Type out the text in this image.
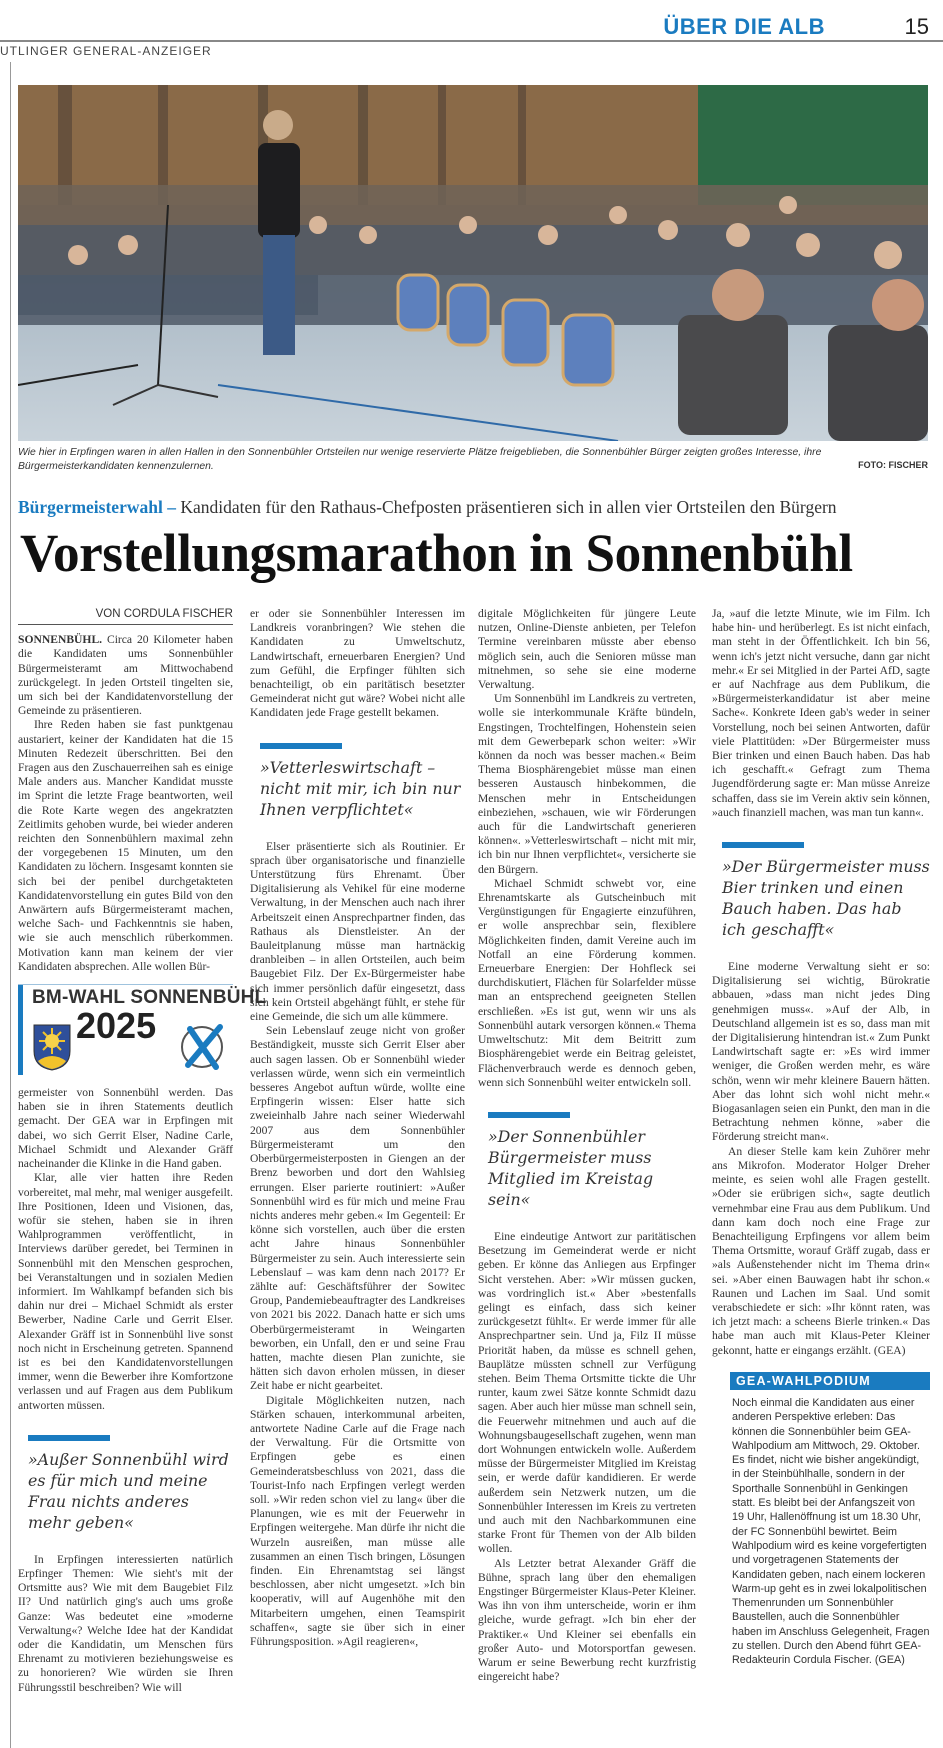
ÜBER DIE ALB	15
UTLINGER GENERAL-ANZEIGER

Wie hier in Erpfingen waren in allen Hallen in den Sonnenbühler Ortsteilen nur wenige reservierte Plätze freigeblieben, die Sonnenbühler Bürger zeigten großes Interesse, ihre Bürgermeisterkandidaten kennenzulernen.	FOTO: FISCHER
Bürgermeisterwahl – Kandidaten für den Rathaus-Chefposten präsentieren sich in allen vier Ortsteilen den Bürgern
Vorstellungsmarathon in Sonnenbühl
VON CORDULA FISCHER

SONNENBÜHL. Circa 20 Kilometer haben die Kandidaten ums Sonnenbühler Bürgermeisteramt am Mittwochabend zurückgelegt. In jeden Ortsteil tingelten sie, um sich bei der Kandidatenvorstellung der Gemeinde zu präsentieren.

Ihre Reden haben sie fast punktgenau austariert, keiner der Kandidaten hat die 15 Minuten Redezeit überschritten. Bei den Fragen aus den Zuschauerreihen sah es einige Male anders aus. Mancher Kandidat musste im Sprint die letzte Frage beantworten, weil die Rote Karte wegen des angekratzten Zeitlimits gehoben wurde, bei wieder anderen reichten den Sonnenbühlern maximal zehn der vorgegebenen 15 Minuten, um den Kandidaten zu löchern. Insgesamt konnten sie sich bei der penibel durchgetakteten Kandidatenvorstellung ein gutes Bild von den Anwärtern aufs Bürgermeisteramt machen, welche Sach- und Fachkenntnis sie haben, wie sie auch menschlich rüberkommen. Motivation kann man keinem der vier Kandidaten absprechen. Alle wollen Bür-

BM-WAHL SONNENBÜHL
2025

germeister von Sonnenbühl werden. Das haben sie in ihren Statements deutlich gemacht. Der GEA war in Erpfingen mit dabei, wo sich Gerrit Elser, Nadine Carle, Michael Schmidt und Alexander Gräff nacheinander die Klinke in die Hand gaben.

Klar, alle vier hatten ihre Reden vorbereitet, mal mehr, mal weniger ausgefeilt. Ihre Positionen, Ideen und Visionen, das, wofür sie stehen, haben sie in ihren Wahlprogrammen veröffentlicht, in Interviews darüber geredet, bei Terminen in Sonnenbühl mit den Menschen gesprochen, bei Veranstaltungen und in sozialen Medien informiert. Im Wahlkampf befanden sich bis dahin nur drei – Michael Schmidt als erster Bewerber, Nadine Carle und Gerrit Elser. Alexander Gräff ist in Sonnenbühl live sonst noch nicht in Erscheinung getreten. Spannend ist es bei den Kandidatenvorstellungen immer, wenn die Bewerber ihre Komfortzone verlassen und auf Fragen aus dem Publikum antworten müssen.

»Außer Sonnenbühl wird es für mich und meine Frau nichts anderes mehr geben«

In Erpfingen interessierten natürlich Erpfinger Themen: Wie sieht's mit der Ortsmitte aus? Wie mit dem Baugebiet Filz II? Und natürlich ging's auch ums große Ganze: Was bedeutet eine »moderne Verwaltung«? Welche Idee hat der Kandidat oder die Kandidatin, um Menschen fürs Ehrenamt zu motivieren beziehungsweise es zu honorieren? Wie würden sie Ihren Führungsstil beschreiben? Wie will

er oder sie Sonnenbühler Interessen im Landkreis voranbringen? Wie stehen die Kandidaten zu Umweltschutz, Landwirtschaft, erneuerbaren Energien? Und zum Gefühl, die Erpfinger fühlten sich benachteiligt, ob ein paritätisch besetzter Gemeinderat nicht gut wäre? Wobei nicht alle Kandidaten jede Frage gestellt bekamen.

»Vetterleswirtschaft – nicht mit mir, ich bin nur Ihnen verpflichtet«

Elser präsentierte sich als Routinier. Er sprach über organisatorische und finanzielle Unterstützung fürs Ehrenamt. Über Digitalisierung als Vehikel für eine moderne Verwaltung, in der Menschen auch nach ihrer Arbeitszeit einen Ansprechpartner finden, das Rathaus als Dienstleister. An der Bauleitplanung müsse man hartnäckig dranbleiben – in allen Ortsteilen, auch beim Baugebiet Filz. Der Ex-Bürgermeister habe sich immer persönlich dafür eingesetzt, dass sich kein Ortsteil abgehängt fühlt, er stehe für eine Gemeinde, die sich um alle kümmere.

Sein Lebenslauf zeuge nicht von großer Beständigkeit, musste sich Gerrit Elser aber auch sagen lassen. Ob er Sonnenbühl wieder verlassen würde, wenn sich ein vermeintlich besseres Angebot auftun würde, wollte eine Erpfingerin wissen: Elser hatte sich zweieinhalb Jahre nach seiner Wiederwahl 2007 aus dem Sonnenbühler Bürgermeisteramt um den Oberbürgermeisterposten in Giengen an der Brenz beworben und dort den Wahlsieg errungen. Elser parierte routiniert: »Außer Sonnenbühl wird es für mich und meine Frau nichts anderes mehr geben.« Im Gegenteil: Er könne sich vorstellen, auch über die ersten acht Jahre hinaus Sonnenbühler Bürgermeister zu sein. Auch interessierte sein Lebenslauf – was kam denn nach 2017? Er zählte auf: Geschäftsführer der Sowitec Group, Pandemiebeauftragter des Landkreises von 2021 bis 2022. Danach hatte er sich ums Oberbürgermeisteramt in Weingarten beworben, ein Unfall, den er und seine Frau hatten, machte diesen Plan zunichte, sie hätten sich davon erholen müssen, in dieser Zeit habe er nicht gearbeitet.

Digitale Möglichkeiten nutzen, nach Stärken schauen, interkommunal arbeiten, antwortete Nadine Carle auf die Frage nach der Verwaltung. Für die Ortsmitte von Erpfingen gebe es einen Gemeinderatsbeschluss von 2021, dass die Tourist-Info nach Erpfingen verlegt werden soll. »Wir reden schon viel zu lang« über die Planungen, wie es mit der Feuerwehr in Erpfingen weitergehe. Man dürfe ihr nicht die Wurzeln ausreißen, man müsse alle zusammen an einen Tisch bringen, Lösungen finden. Ein Ehrenamtstag sei längst beschlossen, aber nicht umgesetzt. »Ich bin kooperativ, will auf Augenhöhe mit den Mitarbeitern umgehen, einen Teamspirit schaffen«, sagte sie über sich in einer Führungsposition. »Agil reagieren«,

digitale Möglichkeiten für jüngere Leute nutzen, Online-Dienste anbieten, per Telefon Termine vereinbaren müsste aber ebenso möglich sein, auch die Senioren müsse man mitnehmen, so sehe sie eine moderne Verwaltung.

Um Sonnenbühl im Landkreis zu vertreten, wolle sie interkommunale Kräfte bündeln, Engstingen, Trochtelfingen, Hohenstein seien mit dem Gewerbepark schon weiter: »Wir können da noch was besser machen.« Beim Thema Biosphärengebiet müsse man einen besseren Austausch hinbekommen, die Menschen mehr in Entscheidungen einbeziehen, »schauen, wie wir Förderungen auch für die Landwirtschaft generieren können«. »Vetterleswirtschaft – nicht mit mir, ich bin nur Ihnen verpflichtet«, versicherte sie den Bürgern.

Michael Schmidt schwebt vor, eine Ehrenamtskarte als Gutscheinbuch mit Vergünstigungen für Engagierte einzuführen, er wolle ansprechbar sein, flexiblere Möglichkeiten finden, damit Vereine auch im Notfall an eine Förderung kommen. Erneuerbare Energien: Der Hohfleck sei durchdiskutiert, Flächen für Solarfelder müsse man an entsprechend geeigneten Stellen erschließen. »Es ist gut, wenn wir uns als Sonnenbühl autark versorgen können.« Thema Umweltschutz: Mit dem Beitritt zum Biosphärengebiet werde ein Beitrag geleistet, Flächenverbrauch werde es dennoch geben, wenn sich Sonnenbühl weiter entwickeln soll.

»Der Sonnenbühler Bürgermeister muss Mitglied im Kreistag sein«

Eine eindeutige Antwort zur paritätischen Besetzung im Gemeinderat werde er nicht geben. Er könne das Anliegen aus Erpfinger Sicht verstehen. Aber: »Wir müssen gucken, was vordringlich ist.« Aber »bestenfalls gelingt es einfach, dass sich keiner zurückgesetzt fühlt«. Er werde immer für alle Ansprechpartner sein. Und ja, Filz II müsse Priorität haben, da müsse es schnell gehen, Bauplätze müssten schnell zur Verfügung stehen. Beim Thema Ortsmitte tickte die Uhr runter, kaum zwei Sätze konnte Schmidt dazu sagen. Aber auch hier müsse man schnell sein, die Feuerwehr mitnehmen und auch auf die Wohnungsbaugesellschaft zugehen, wenn man dort Wohnungen entwickeln wolle. Außerdem müsse der Bürgermeister Mitglied im Kreistag sein, er werde dafür kandidieren. Er werde außerdem sein Netzwerk nutzen, um die Sonnenbühler Interessen im Kreis zu vertreten und auch mit den Nachbarkommunen eine starke Front für Themen von der Alb bilden wollen.

Als Letzter betrat Alexander Gräff die Bühne, sprach lang über den ehemaligen Engstinger Bürgermeister Klaus-Peter Kleiner. Was ihn von ihm unterscheide, worin er ihm gleiche, wurde gefragt. »Ich bin eher der Praktiker.« Und Kleiner sei ebenfalls ein großer Auto- und Motorsportfan gewesen. Warum er seine Bewerbung recht kurzfristig eingereicht habe?

Ja, »auf die letzte Minute, wie im Film. Ich habe hin- und herüberlegt. Es ist nicht einfach, man steht in der Öffentlichkeit. Ich bin 56, wenn ich's jetzt nicht versuche, dann gar nicht mehr.« Er sei Mitglied in der Partei AfD, sagte er auf Nachfrage aus dem Publikum, die »Bürgermeisterkandidatur ist aber meine Sache«. Konkrete Ideen gab's weder in seiner Vorstellung, noch bei seinen Antworten, dafür viele Plattitüden: »Der Bürgermeister muss Bier trinken und einen Bauch haben. Das hab ich geschafft.« Gefragt zum Thema Jugendförderung sagte er: Man müsse Anreize schaffen, dass sie im Verein aktiv sein können, »auch finanziell machen, was man tun kann«.

»Der Bürgermeister muss Bier trinken und einen Bauch haben. Das hab ich geschafft«

Eine moderne Verwaltung sieht er so: Digitalisierung sei wichtig, Bürokratie abbauen, »dass man nicht jedes Ding genehmigen muss«. »Auf der Alb, in Deutschland allgemein ist es so, dass man mit der Digitalisierung hintendran ist.« Zum Punkt Landwirtschaft sagte er: »Es wird immer weniger, die Großen werden mehr, es wäre schön, wenn wir mehr kleinere Bauern hätten. Aber das lohnt sich wohl nicht mehr.« Biogasanlagen seien ein Punkt, den man in die Betrachtung nehmen könne, »aber die Förderung streicht man«.

An dieser Stelle kam kein Zuhörer mehr ans Mikrofon. Moderator Holger Dreher meinte, es seien wohl alle Fragen gestellt. »Oder sie erübrigen sich«, sagte deutlich vernehmbar eine Frau aus dem Publikum. Und dann kam doch noch eine Frage zur Benachteiligung Erpfingens vor allem beim Thema Ortsmitte, worauf Gräff zugab, dass er »als Außenstehender nicht im Thema drin« sei. »Aber einen Bauwagen habt ihr schon.« Raunen und Lachen im Saal. Und somit verabschiedete er sich: »Ihr könnt raten, was ich jetzt mach: a scheens Bierle trinken.« Das habe man auch mit Klaus-Peter Kleiner gekonnt, hatte er eingangs erzählt. (GEA)

GEA-WAHLPODIUM
Noch einmal die Kandidaten aus einer anderen Perspektive erleben: Das können die Sonnenbühler beim GEA-Wahlpodium am Mittwoch, 29. Oktober. Es findet, nicht wie bisher angekündigt, in der Steinbühlhalle, sondern in der Sporthalle Sonnenbühl in Genkingen statt. Es bleibt bei der Anfangszeit von 19 Uhr, Hallenöffnung ist um 18.30 Uhr, der FC Sonnenbühl bewirtet. Beim Wahlpodium wird es keine vorgefertigten und vorgetragenen Statements der Kandidaten geben, nach einem lockeren Warm-up geht es in zwei lokalpolitischen Themenrunden um Sonnenbühler Baustellen, auch die Sonnenbühler haben im Anschluss Gelegenheit, Fragen zu stellen. Durch den Abend führt GEA-Redakteurin Cordula Fischer. (GEA)
